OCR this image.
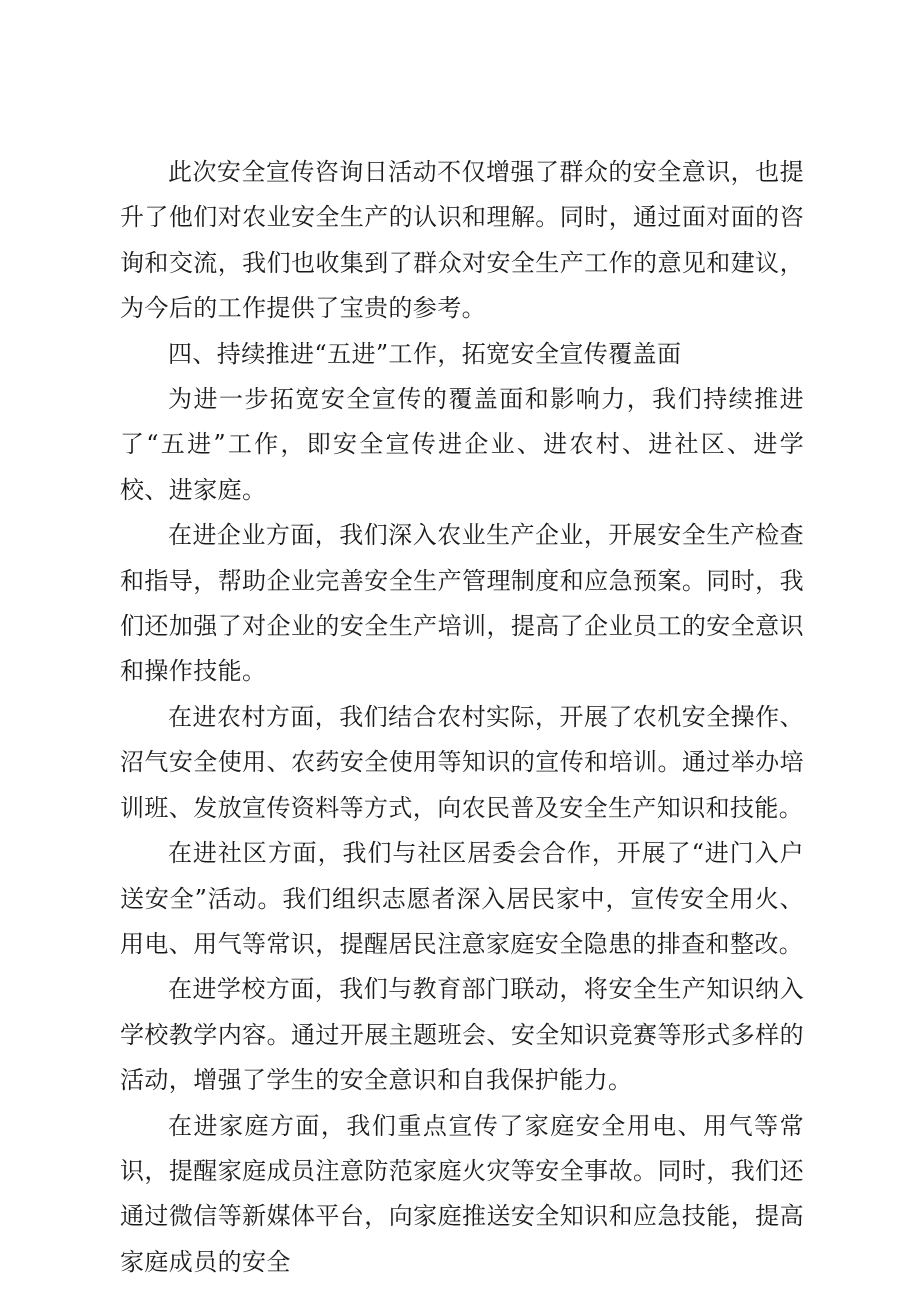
此次安全宣传咨询日活动不仅增强了群众的安全意识，也提升了他们对农业安全生产的认识和理解。同时，通过面对面的咨询和交流，我们也收集到了群众对安全生产工作的意见和建议，为今后的工作提供了宝贵的参考。

四、持续推进“五进”工作，拓宽安全宣传覆盖面

为进一步拓宽安全宣传的覆盖面和影响力，我们持续推进了“五进”工作，即安全宣传进企业、进农村、进社区、进学校、进家庭。

在进企业方面，我们深入农业生产企业，开展安全生产检查和指导，帮助企业完善安全生产管理制度和应急预案。同时，我们还加强了对企业的安全生产培训，提高了企业员工的安全意识和操作技能。

在进农村方面，我们结合农村实际，开展了农机安全操作、沼气安全使用、农药安全使用等知识的宣传和培训。通过举办培训班、发放宣传资料等方式，向农民普及安全生产知识和技能。

在进社区方面，我们与社区居委会合作，开展了“进门入户送安全”活动。我们组织志愿者深入居民家中，宣传安全用火、用电、用气等常识，提醒居民注意家庭安全隐患的排查和整改。

在进学校方面，我们与教育部门联动，将安全生产知识纳入学校教学内容。通过开展主题班会、安全知识竞赛等形式多样的活动，增强了学生的安全意识和自我保护能力。

在进家庭方面，我们重点宣传了家庭安全用电、用气等常识，提醒家庭成员注意防范家庭火灾等安全事故。同时，我们还通过微信等新媒体平台，向家庭推送安全知识和应急技能，提高家庭成员的安全
